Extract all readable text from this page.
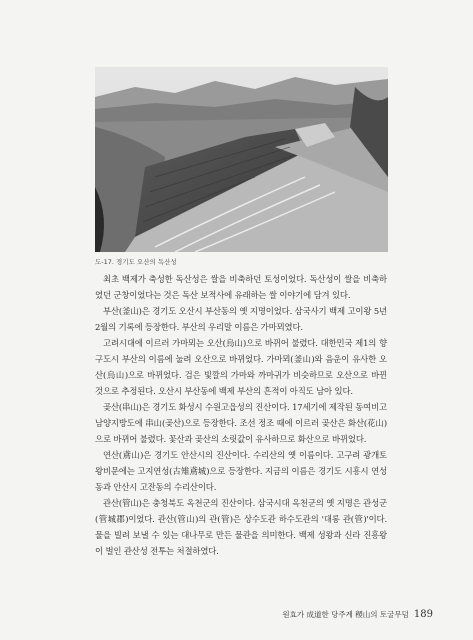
도-17. 경기도 오산의 독산성

최초 백제가 축성한 독산성은 쌀을 비축하던 토성이었다. 독산성이 쌀을 비축하였던 군창이었다는 것은 독산 보적사에 유래하는 쌀 이야기에 담겨 있다.

부산(釜山)은 경기도 오산시 부산동의 옛 지명이었다. 삼국사기 백제 고이왕 5년 2월의 기록에 등장한다. 부산의 우리말 이름은 가마뫼였다.

고려시대에 이르러 가마뫼는 오산(烏山)으로 바뀌어 불렸다. 대한민국 제1의 향구도시 부산의 이름에 눌려 오산으로 바뀌었다. 가마뫼(釜山)와 음운이 유사한 오산(烏山)으로 바뀌었다. 검은 빛깔의 가마와 까마귀가 비슷하므로 오산으로 바뀐 것으로 추정된다. 오산시 부산동에 백제 부산의 흔적이 아직도 남아 있다.

곶산(串山)은 경기도 화성시 수원고읍성의 진산이다. 17세기에 제작된 동여비고 남양지방도에 串山(곶산)으로 등장한다. 조선 정조 때에 이르러 곶산은 화산(花山)으로 바뀌어 불렸다. 꽃산과 곶산의 소릿값이 유사하므로 화산으로 바뀌었다.

연산(鳶山)은 경기도 안산시의 진산이다. 수리산의 옛 이름이다. 고구려 광개토왕비문에는 고지연성(古雉鳶城)으로 등장한다. 지금의 이름은 경기도 시흥시 연성동과 안산시 고잔동의 수리산이다.

관산(管山)은 충청북도 옥천군의 진산이다. 삼국시대 옥천군의 옛 지명은 관성군(管城郡)이었다. 관산(管山)의 관(管)은 상수도관 하수도관의 '대롱 관(管)'이다. 물을 빌려 보낼 수 있는 대나무로 만든 물관을 의미한다. 백제 성왕과 신라 진흥왕이 벌인 관산성 전투는 처절하였다.

원효가 成道한 당주계 稷山의 토굴무덤 189
